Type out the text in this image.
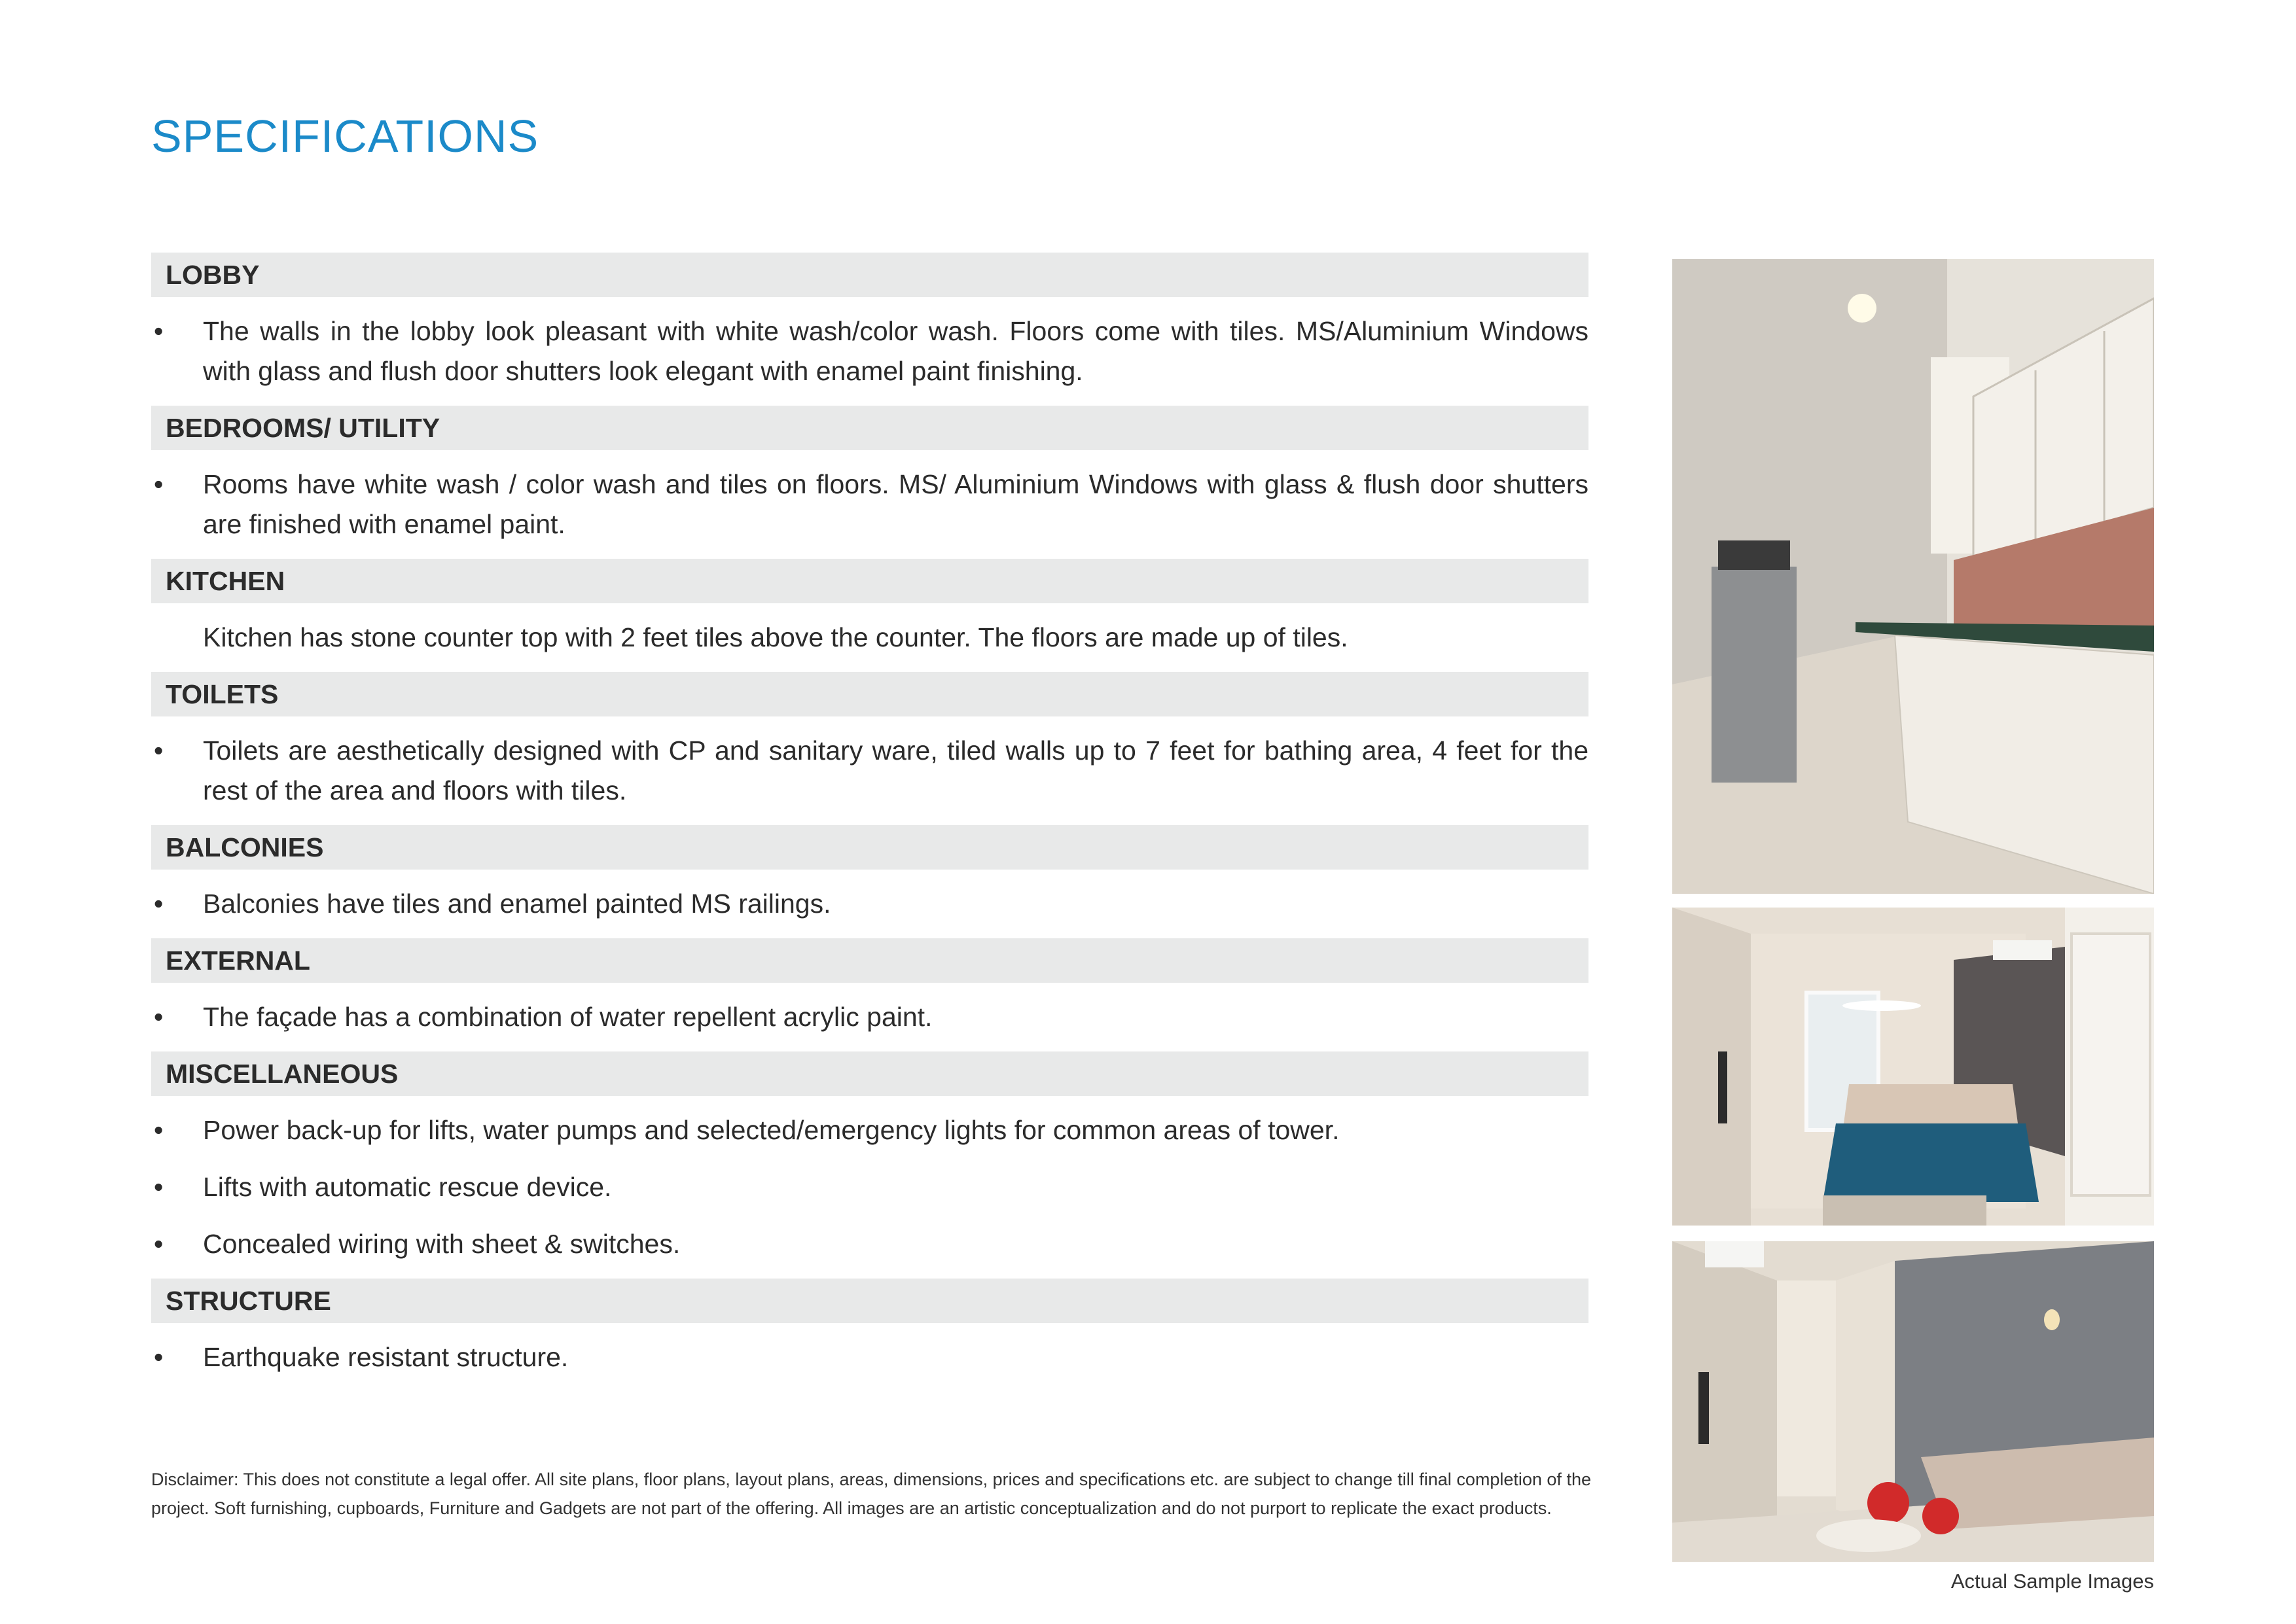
SPECIFICATIONS
LOBBY
• The walls in the lobby look pleasant with white wash/color wash. Floors come with tiles. MS/Aluminium Windows with glass and flush door shutters look elegant with enamel paint finishing.
BEDROOMS/ UTILITY
• Rooms have white wash / color wash and tiles on floors. MS/ Aluminium Windows with glass & flush door shutters are finished with enamel paint.
KITCHEN
Kitchen has stone counter top with 2 feet tiles above the counter. The floors are made up of tiles.
TOILETS
• Toilets are aesthetically designed with CP and sanitary ware, tiled walls up to 7 feet for bathing area, 4 feet for the rest of the area and floors with tiles.
BALCONIES
• Balconies have tiles and enamel painted MS railings.
EXTERNAL
• The façade has a combination of water repellent acrylic paint.
MISCELLANEOUS
• Power back-up for lifts, water pumps and selected/emergency lights for common areas of tower.
• Lifts with automatic rescue device.
• Concealed wiring with sheet & switches.
STRUCTURE
• Earthquake resistant structure.
Disclaimer: This does not constitute a legal offer. All site plans, floor plans, layout plans, areas, dimensions, prices and specifications etc. are subject to change till final completion of the project. Soft furnishing, cupboards, Furniture and Gadgets are not part of the offering. All images are an artistic conceptualization and do not purport to replicate the exact products.
Actual Sample Images
